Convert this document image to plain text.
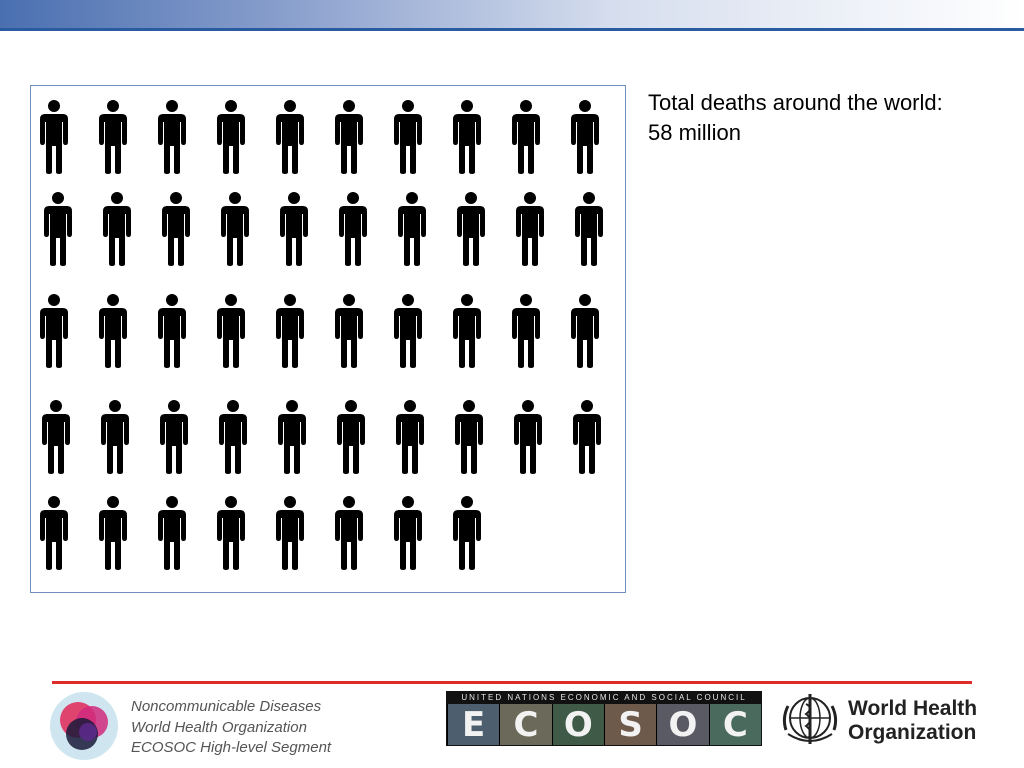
Total deaths around the world:
58 million
Noncommunicable Diseases
World Health Organization
ECOSOC High-level Segment
UNITED NATIONS ECONOMIC AND SOCIAL COUNCIL
E C O S O C	World Health
Organization
